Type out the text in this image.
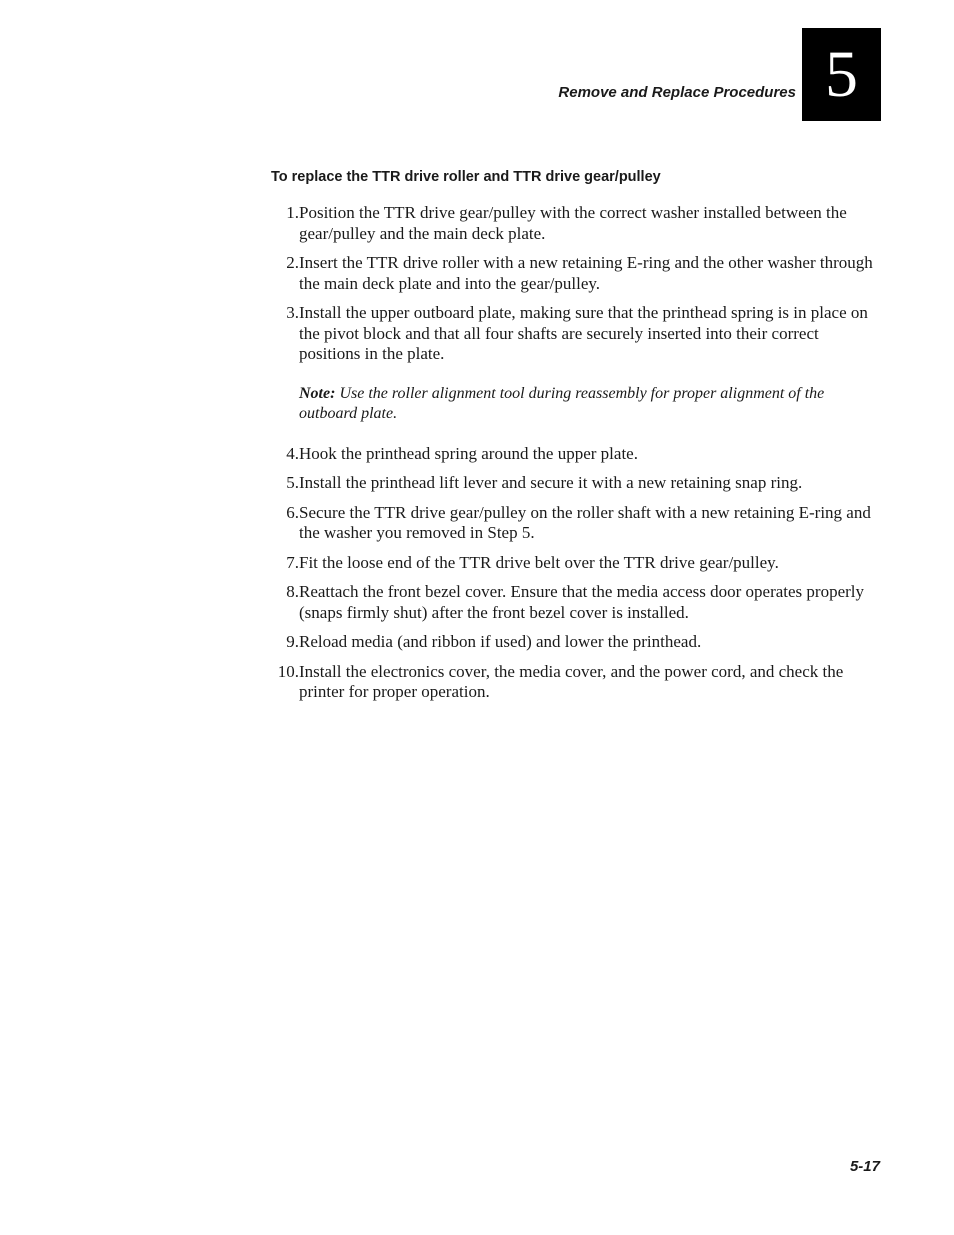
Remove and Replace Procedures 5
To replace the TTR drive roller and TTR drive gear/pulley
1. Position the TTR drive gear/pulley with the correct washer installed between the gear/pulley and the main deck plate.
2. Insert the TTR drive roller with a new retaining E-ring and the other washer through the main deck plate and into the gear/pulley.
3. Install the upper outboard plate, making sure that the printhead spring is in place on the pivot block and that all four shafts are securely inserted into their correct positions in the plate.
Note: Use the roller alignment tool during reassembly for proper alignment of the outboard plate.
4. Hook the printhead spring around the upper plate.
5. Install the printhead lift lever and secure it with a new retaining snap ring.
6. Secure the TTR drive gear/pulley on the roller shaft with a new retaining E-ring and the washer you removed in Step 5.
7. Fit the loose end of the TTR drive belt over the TTR drive gear/pulley.
8. Reattach the front bezel cover. Ensure that the media access door operates properly (snaps firmly shut) after the front bezel cover is installed.
9. Reload media (and ribbon if used) and lower the printhead.
10. Install the electronics cover, the media cover, and the power cord, and check the printer for proper operation.
5-17
